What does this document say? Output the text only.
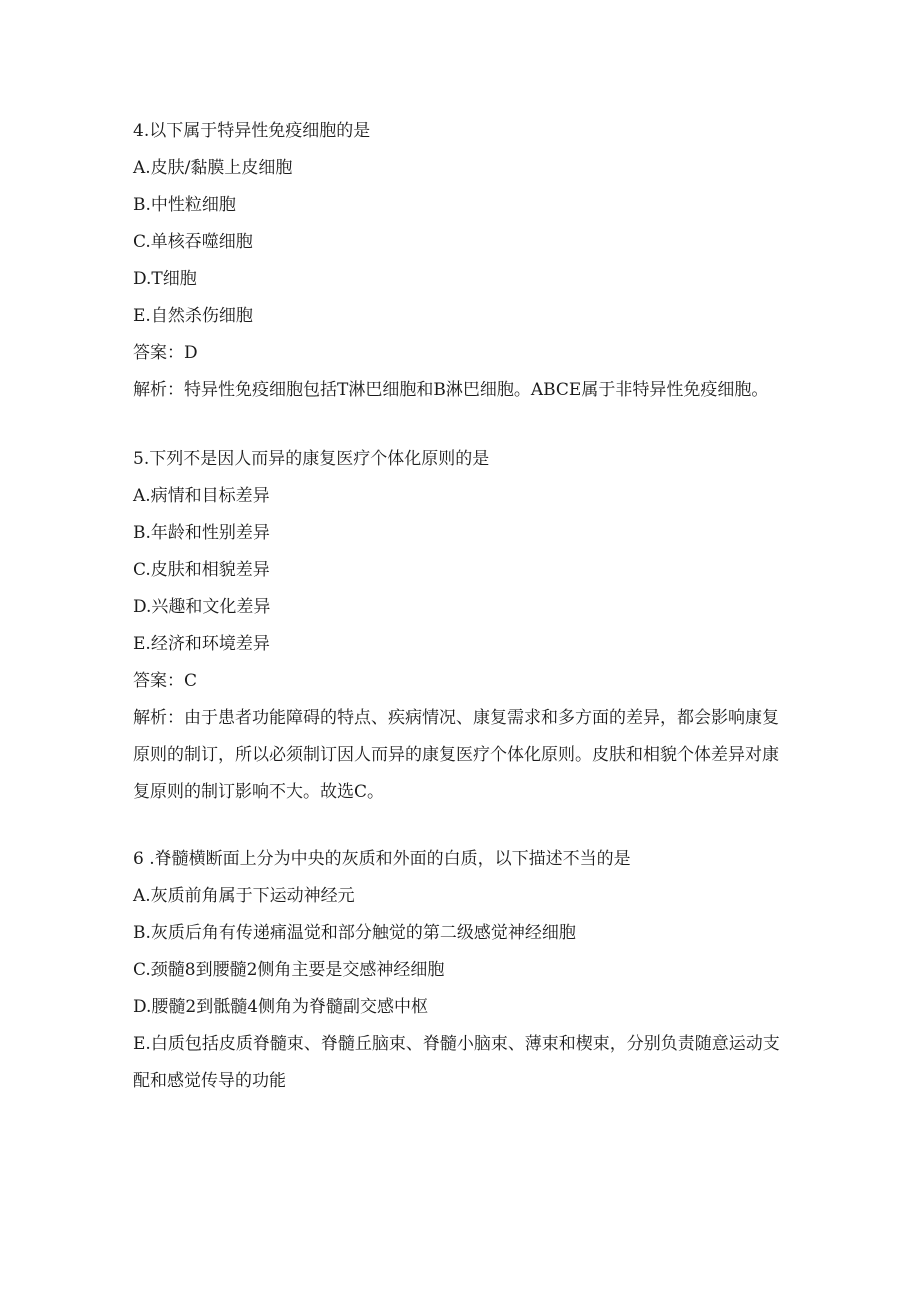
4.以下属于特异性免疫细胞的是

A.皮肤/黏膜上皮细胞

B.中性粒细胞

C.单核吞噬细胞

D.T细胞

E.自然杀伤细胞

答案：D

解析：特异性免疫细胞包括T淋巴细胞和B淋巴细胞。ABCE属于非特异性免疫细胞。

5.下列不是因人而异的康复医疗个体化原则的是

A.病情和目标差异

B.年龄和性别差异

C.皮肤和相貌差异

D.兴趣和文化差异

E.经济和环境差异

答案：C

解析：由于患者功能障碍的特点、疾病情况、康复需求和多方面的差异，都会影响康复原则的制订，所以必须制订因人而异的康复医疗个体化原则。皮肤和相貌个体差异对康复原则的制订影响不大。故选C。

6 .脊髓横断面上分为中央的灰质和外面的白质，以下描述不当的是

A.灰质前角属于下运动神经元

B.灰质后角有传递痛温觉和部分触觉的第二级感觉神经细胞

C.颈髓8到腰髓2侧角主要是交感神经细胞

D.腰髓2到骶髓4侧角为脊髓副交感中枢

E.白质包括皮质脊髓束、脊髓丘脑束、脊髓小脑束、薄束和楔束，分别负责随意运动支配和感觉传导的功能
